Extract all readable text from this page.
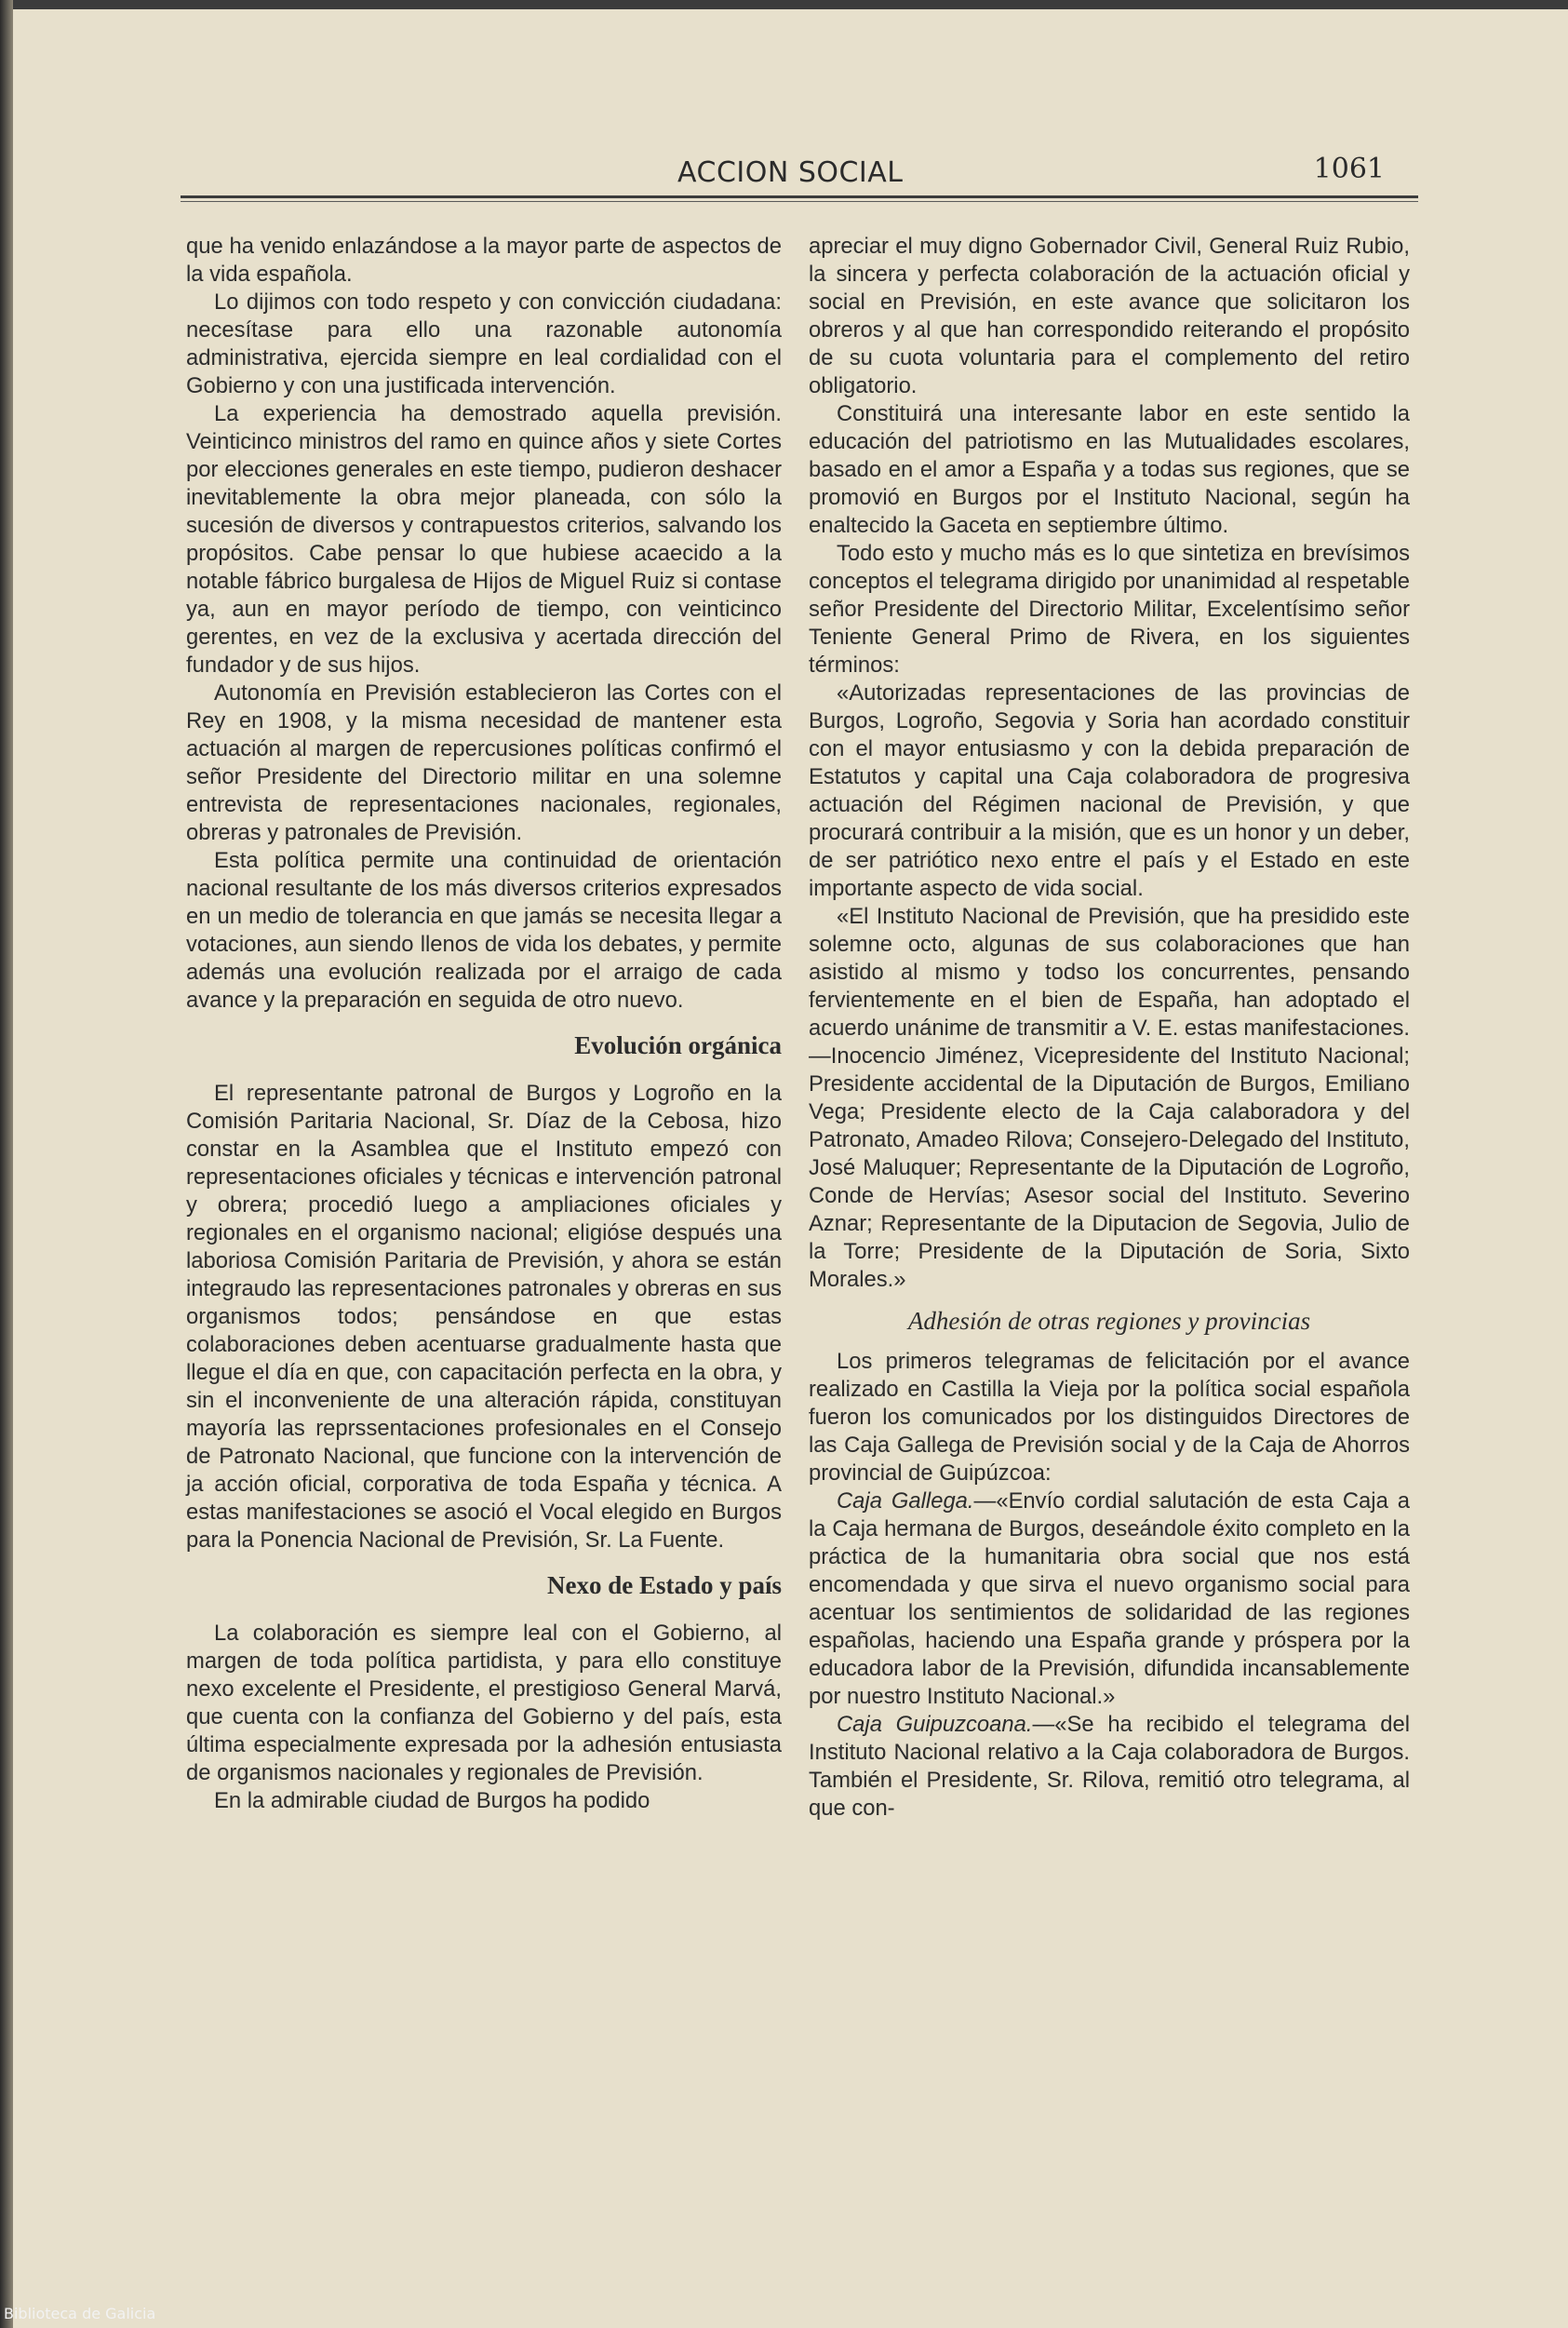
ACCION SOCIAL	1061

que ha venido enlazándose a la mayor parte de aspectos de la vida española.

Lo dijimos con todo respeto y con convicción ciudadana: necesítase para ello una razonable autonomía administrativa, ejercida siempre en leal cordialidad con el Gobierno y con una justificada intervención.

La experiencia ha demostrado aquella previsión. Veinticinco ministros del ramo en quince años y siete Cortes por elecciones generales en este tiempo, pudieron deshacer inevitablemente la obra mejor planeada, con sólo la sucesión de diversos y contrapuestos criterios, salvando los propósitos. Cabe pensar lo que hubiese acaecido a la notable fábrico burgalesa de Hijos de Miguel Ruiz si contase ya, aun en mayor período de tiempo, con veinticinco gerentes, en vez de la exclusiva y acertada dirección del fundador y de sus hijos.

Autonomía en Previsión establecieron las Cortes con el Rey en 1908, y la misma necesidad de mantener esta actuación al margen de repercusiones políticas confirmó el señor Presidente del Directorio militar en una solemne entrevista de representaciones nacionales, regionales, obreras y patronales de Previsión.

Esta política permite una continuidad de orientación nacional resultante de los más diversos criterios expresados en un medio de tolerancia en que jamás se necesita llegar a votaciones, aun siendo llenos de vida los debates, y permite además una evolución realizada por el arraigo de cada avance y la preparación en seguida de otro nuevo.

Evolución orgánica

El representante patronal de Burgos y Logroño en la Comisión Paritaria Nacional, Sr. Díaz de la Cebosa, hizo constar en la Asamblea que el Instituto empezó con representaciones oficiales y técnicas e intervención patronal y obrera; procedió luego a ampliaciones oficiales y regionales en el organismo nacional; eligióse después una laboriosa Comisión Paritaria de Previsión, y ahora se están integraudo las representaciones patronales y obreras en sus organismos todos; pensándose en que estas colaboraciones deben acentuarse gradualmente hasta que llegue el día en que, con capacitación perfecta en la obra, y sin el inconveniente de una alteración rápida, constituyan mayoría las reprssentaciones profesionales en el Consejo de Patronato Nacional, que funcione con la intervención de ja acción oficial, corporativa de toda España y técnica. A estas manifestaciones se asoció el Vocal elegido en Burgos para la Ponencia Nacional de Previsión, Sr. La Fuente.

Nexo de Estado y país

La colaboración es siempre leal con el Gobierno, al margen de toda política partidista, y para ello constituye nexo excelente el Presidente, el prestigioso General Marvá, que cuenta con la confianza del Gobierno y del país, esta última especialmente expresada por la adhesión entusiasta de organismos nacionales y regionales de Previsión.

En la admirable ciudad de Burgos ha podido

apreciar el muy digno Gobernador Civil, General Ruiz Rubio, la sincera y perfecta colaboración de la actuación oficial y social en Previsión, en este avance que solicitaron los obreros y al que han correspondido reiterando el propósito de su cuota voluntaria para el complemento del retiro obligatorio.

Constituirá una interesante labor en este sentido la educación del patriotismo en las Mutualidades escolares, basado en el amor a España y a todas sus regiones, que se promovió en Burgos por el Instituto Nacional, según ha enaltecido la Gaceta en septiembre último.

Todo esto y mucho más es lo que sintetiza en brevísimos conceptos el telegrama dirigido por unanimidad al respetable señor Presidente del Directorio Militar, Excelentísimo señor Teniente General Primo de Rivera, en los siguientes términos:

«Autorizadas representaciones de las provincias de Burgos, Logroño, Segovia y Soria han acordado constituir con el mayor entusiasmo y con la debida preparación de Estatutos y capital una Caja colaboradora de progresiva actuación del Régimen nacional de Previsión, y que procurará contribuir a la misión, que es un honor y un deber, de ser patriótico nexo entre el país y el Estado en este importante aspecto de vida social.

«El Instituto Nacional de Previsión, que ha presidido este solemne octo, algunas de sus colaboraciones que han asistido al mismo y todso los concurrentes, pensando fervientemente en el bien de España, han adoptado el acuerdo unánime de transmitir a V. E. estas manifestaciones.—Inocencio Jiménez, Vicepresidente del Instituto Nacional; Presidente accidental de la Diputación de Burgos, Emiliano Vega; Presidente electo de la Caja calaboradora y del Patronato, Amadeo Rilova; Consejero-Delegado del Instituto, José Maluquer; Representante de la Diputación de Logroño, Conde de Hervías; Asesor social del Instituto. Severino Aznar; Representante de la Diputacion de Segovia, Julio de la Torre; Presidente de la Diputación de Soria, Sixto Morales.»

Adhesión de otras regiones y provincias

Los primeros telegramas de felicitación por el avance realizado en Castilla la Vieja por la política social española fueron los comunicados por los distinguidos Directores de las Caja Gallega de Previsión social y de la Caja de Ahorros provincial de Guipúzcoa:

Caja Gallega.—«Envío cordial salutación de esta Caja a la Caja hermana de Burgos, deseándole éxito completo en la práctica de la humanitaria obra social que nos está encomendada y que sirva el nuevo organismo social para acentuar los sentimientos de solidaridad de las regiones españolas, haciendo una España grande y próspera por la educadora labor de la Previsión, difundida incansablemente por nuestro Instituto Nacional.»

Caja Guipuzcoana.—«Se ha recibido el telegrama del Instituto Nacional relativo a la Caja colaboradora de Burgos. También el Presidente, Sr. Rilova, remitió otro telegrama, al que con-

Biblioteca de Galicia
